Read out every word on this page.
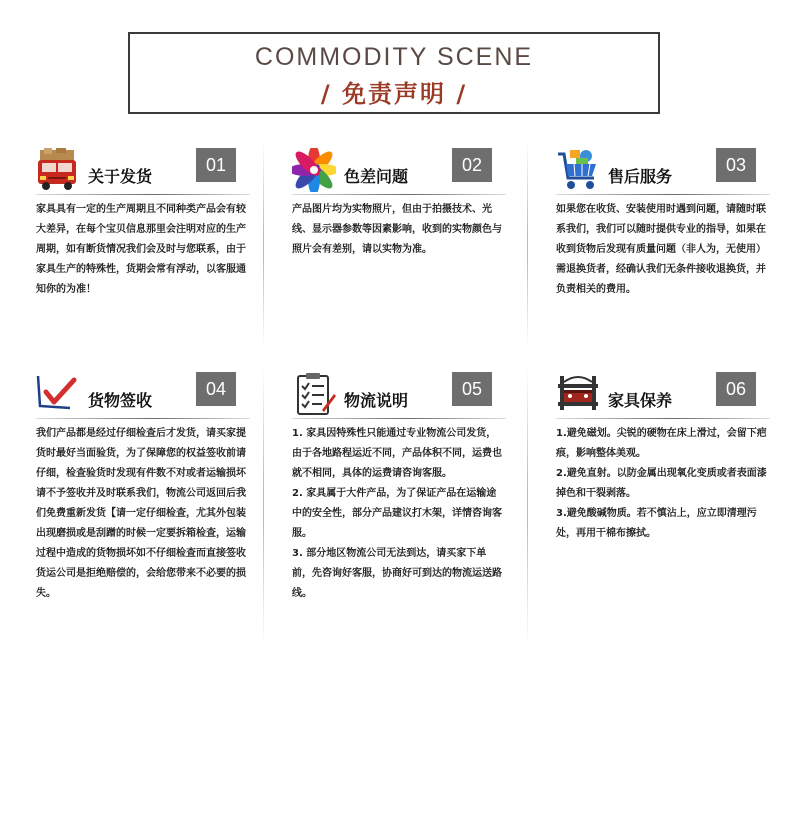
COMMODITY SCENE
/ 免责声明 /
关于发货
01

家具具有一定的生产周期且不同种类产品会有较大差异，在每个宝贝信息那里会注明对应的生产周期，如有断货情况我们会及时与您联系，由于家具生产的特殊性，货期会常有浮动，以客服通知你的为准！

色差问题
02

产品图片均为实物照片，但由于拍摄技术、光线、显示器参数等因素影响，收到的实物颜色与照片会有差别，请以实物为准。

售后服务
03

如果您在收货、安装使用时遇到问题，请随时联系我们，我们可以随时提供专业的指导，如果在收到货物后发现有质量问题（非人为，无使用）需退换货者，经确认我们无条件接收退换货，并负责相关的费用。

货物签收
04

我们产品都是经过仔细检查后才发货，请买家提货时最好当面验货，为了保障您的权益签收前请仔细，检查验货时发现有件数不对或者运输损坏请不予签收并及时联系我们，物流公司返回后我们免费重新发货【请一定仔细检查，尤其外包装出现磨损或是刮蹭的时候一定要拆箱检查，运输过程中造成的货物损坏如不仔细检查而直接签收货运公司是拒绝赔偿的，会给您带来不必要的损失。

物流说明
05

1. 家具因特殊性只能通过专业物流公司发货，由于各地路程运近不同，产品体积不同，运费也就不相同，具体的运费请咨询客服。

2. 家具属于大件产品，为了保证产品在运输途中的安全性，部分产品建议打木架，详情咨询客服。

3. 部分地区物流公司无法到达，请买家下单前，先咨询好客服，协商好可到达的物流运送路线。

家具保养
06

1.避免磁划。尖锐的硬物在床上滑过，会留下疤痕，影响整体美观。

2.避免直射。以防金属出现氧化变质或者表面漆掉色和干裂剥落。

3.避免酸碱物质。若不慎沾上，应立即清理污处，再用干棉布擦拭。
